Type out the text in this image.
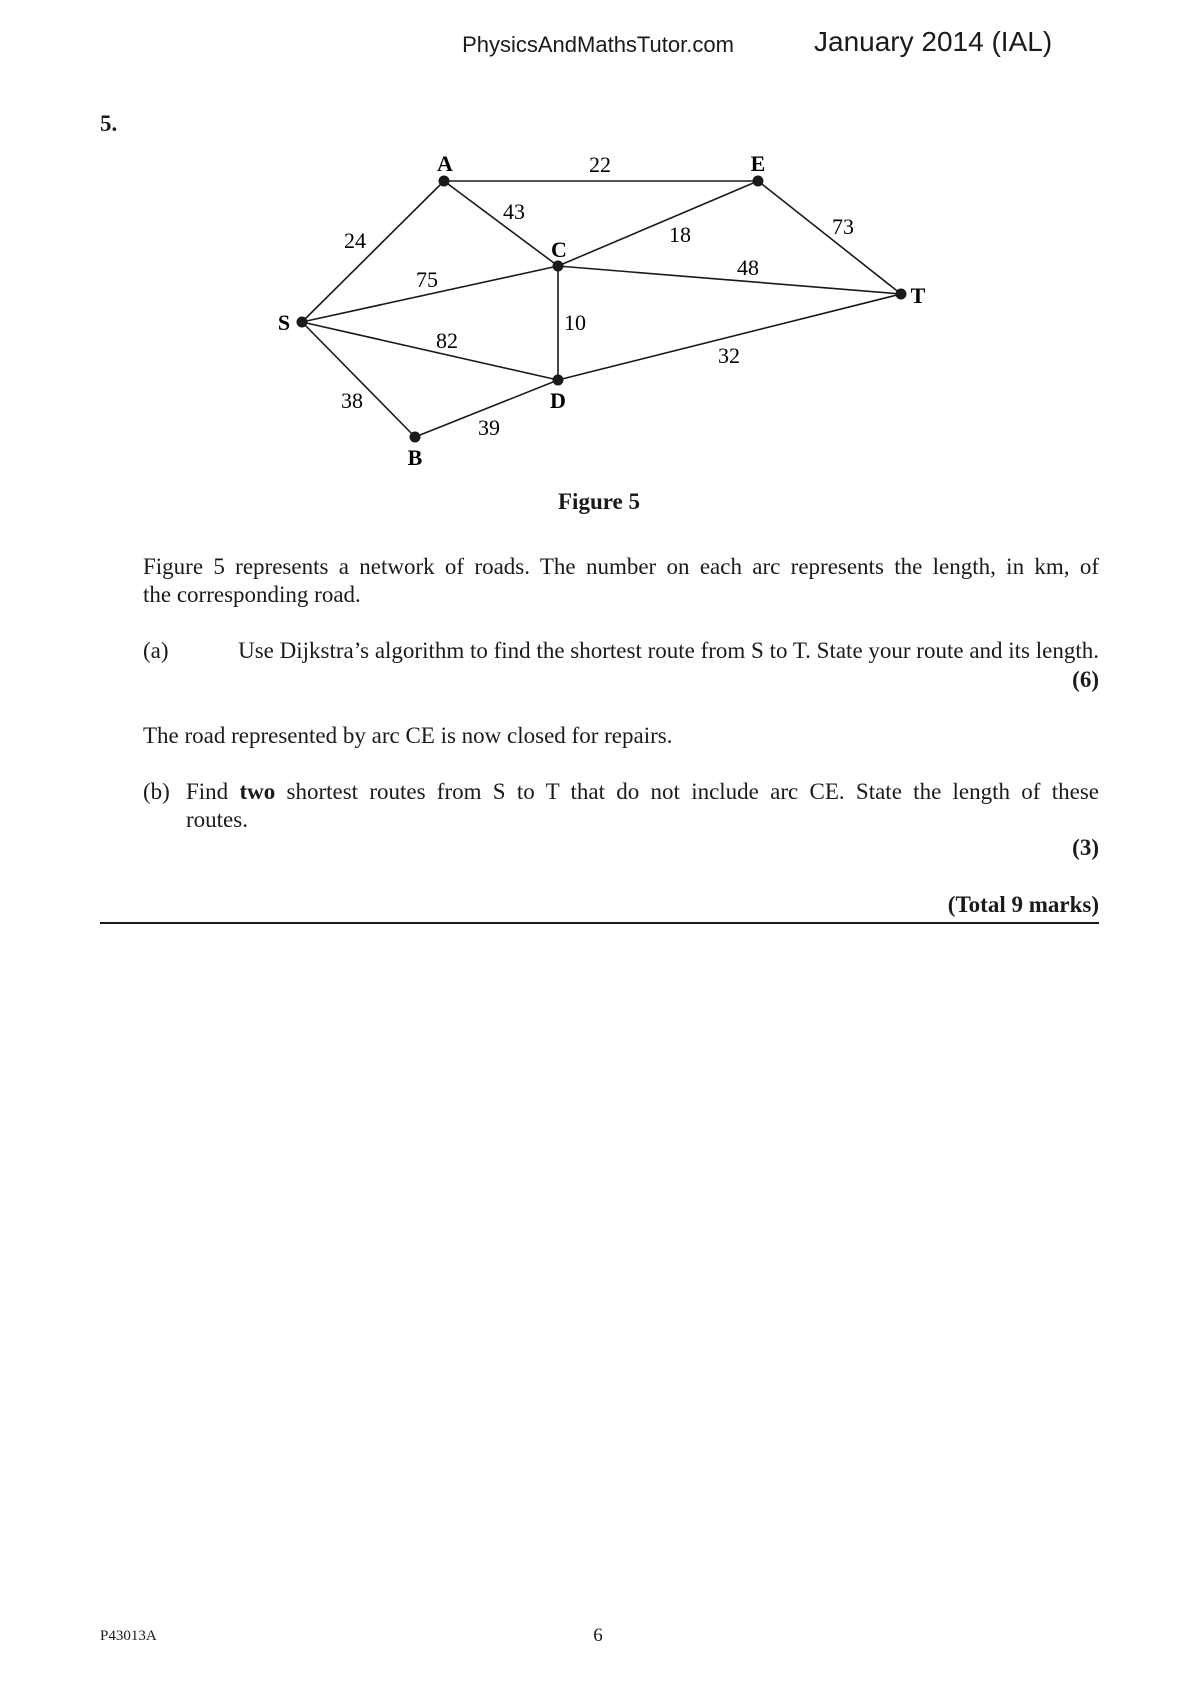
PhysicsAndMathsTutor.com	January 2014 (IAL)
5.
22
43
24	18	73
75	48
10
82
32
38
39
A	E
C
T
S
D
B
Figure 5
Figure 5 represents a network of roads. The number on each arc represents the length, in km, of
the corresponding road.
(a)	Use Dijkstra’s algorithm to find the shortest route from S to T. State your route and its length.
(6)
The road represented by arc CE is now closed for repairs.
(b) Find two shortest routes from S to T that do not include arc CE. State the length of these
routes.
(3)
(Total 9 marks)
P43013A	6
